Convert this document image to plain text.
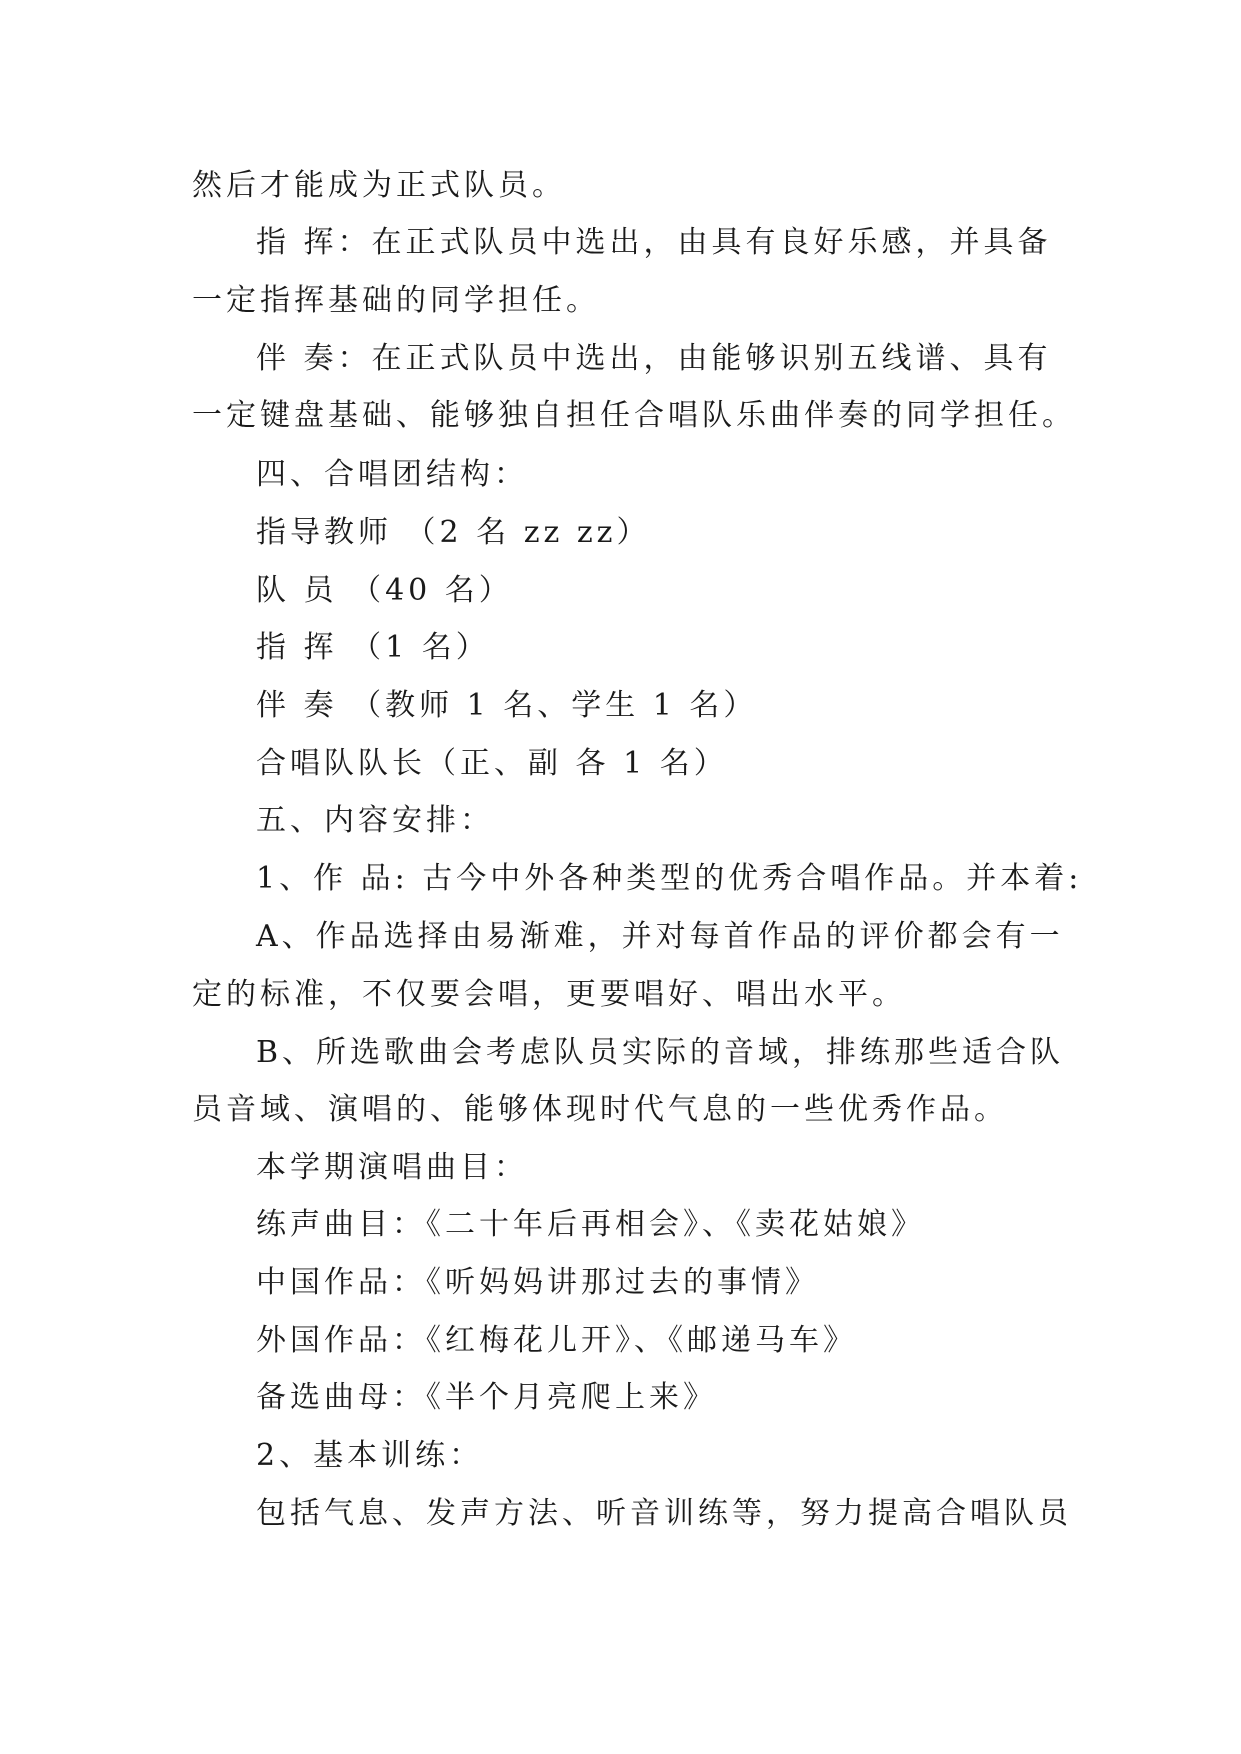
然后才能成为正式队员。
指 挥：在正式队员中选出，由具有良好乐感，并具备
一定指挥基础的同学担任。
伴 奏：在正式队员中选出，由能够识别五线谱、具有
一定键盘基础、能够独自担任合唱队乐曲伴奏的同学担任。
四、合唱团结构：
指导教师 （2 名 zz zz）
队 员 （40 名）
指 挥 （1 名）
伴 奏 （教师 1 名、学生 1 名）
合唱队队长（正、副 各 1 名）
五、内容安排：
1、作 品: 古今中外各种类型的优秀合唱作品。并本着:
A、作品选择由易渐难，并对每首作品的评价都会有一
定的标准，不仅要会唱，更要唱好、唱出水平。
B、所选歌曲会考虑队员实际的音域，排练那些适合队
员音域、演唱的、能够体现时代气息的一些优秀作品。
本学期演唱曲目：
练声曲目：《二十年后再相会》、《卖花姑娘》
中国作品：《听妈妈讲那过去的事情》
外国作品：《红梅花儿开》、《邮递马车》
备选曲母：《半个月亮爬上来》
2、基本训练：
包括气息、发声方法、听音训练等，努力提高合唱队员
